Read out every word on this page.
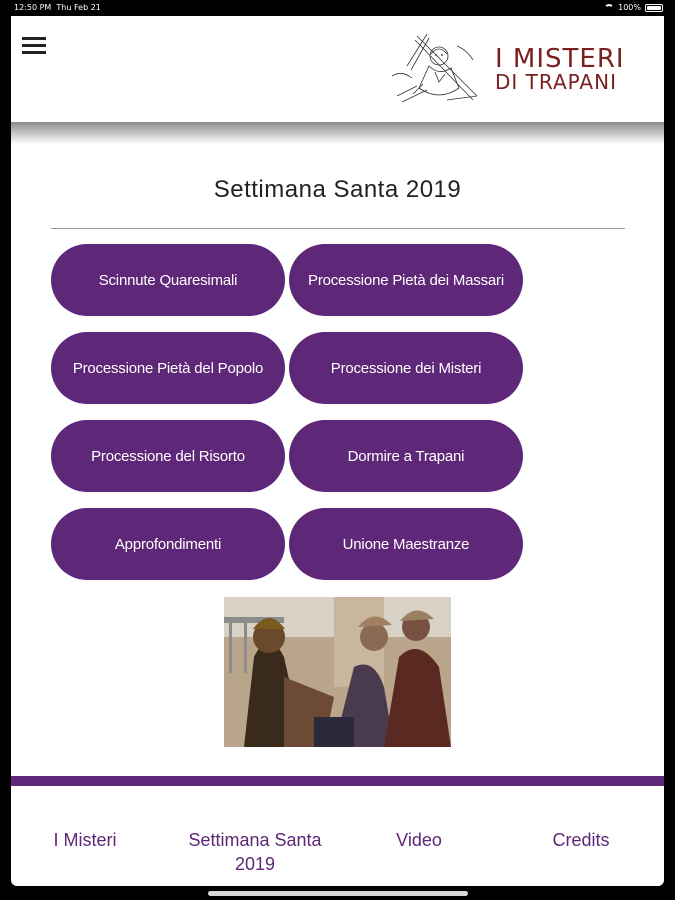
12:50 PM Thu Feb 21	100%
I MISTERI
DI TRAPANI
Settimana Santa 2019
Scinnute Quaresimali	Processione Pietà dei Massari
Processione Pietà del Popolo	Processione dei Misteri
Processione del Risorto	Dormire a Trapani
Approfondimenti	Unione Maestranze
I Misteri	Settimana Santa 2019
Video	Credits
